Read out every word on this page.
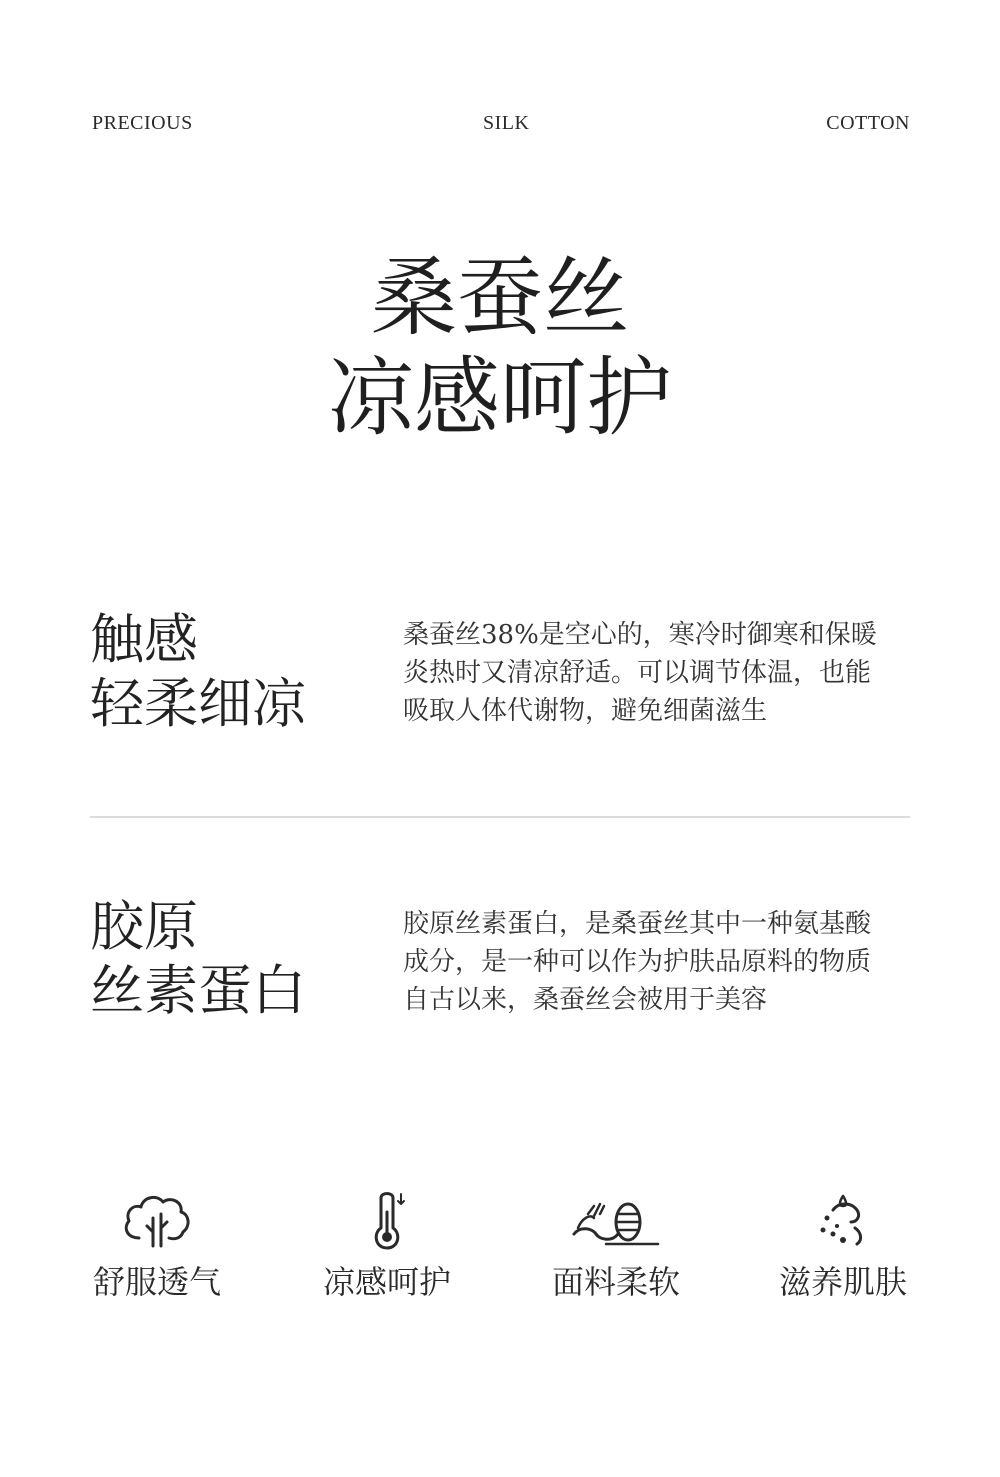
PRECIOUS	SILK	COTTON
桑蚕丝
凉感呵护
触感
轻柔细凉
桑蚕丝38%是空心的，寒冷时御寒和保暖
炎热时又清凉舒适。可以调节体温，也能
吸取人体代谢物，避免细菌滋生
胶原
丝素蛋白
胶原丝素蛋白，是桑蚕丝其中一种氨基酸
成分，是一种可以作为护肤品原料的物质
自古以来，桑蚕丝会被用于美容
舒服透气	凉感呵护	面料柔软	滋养肌肤
